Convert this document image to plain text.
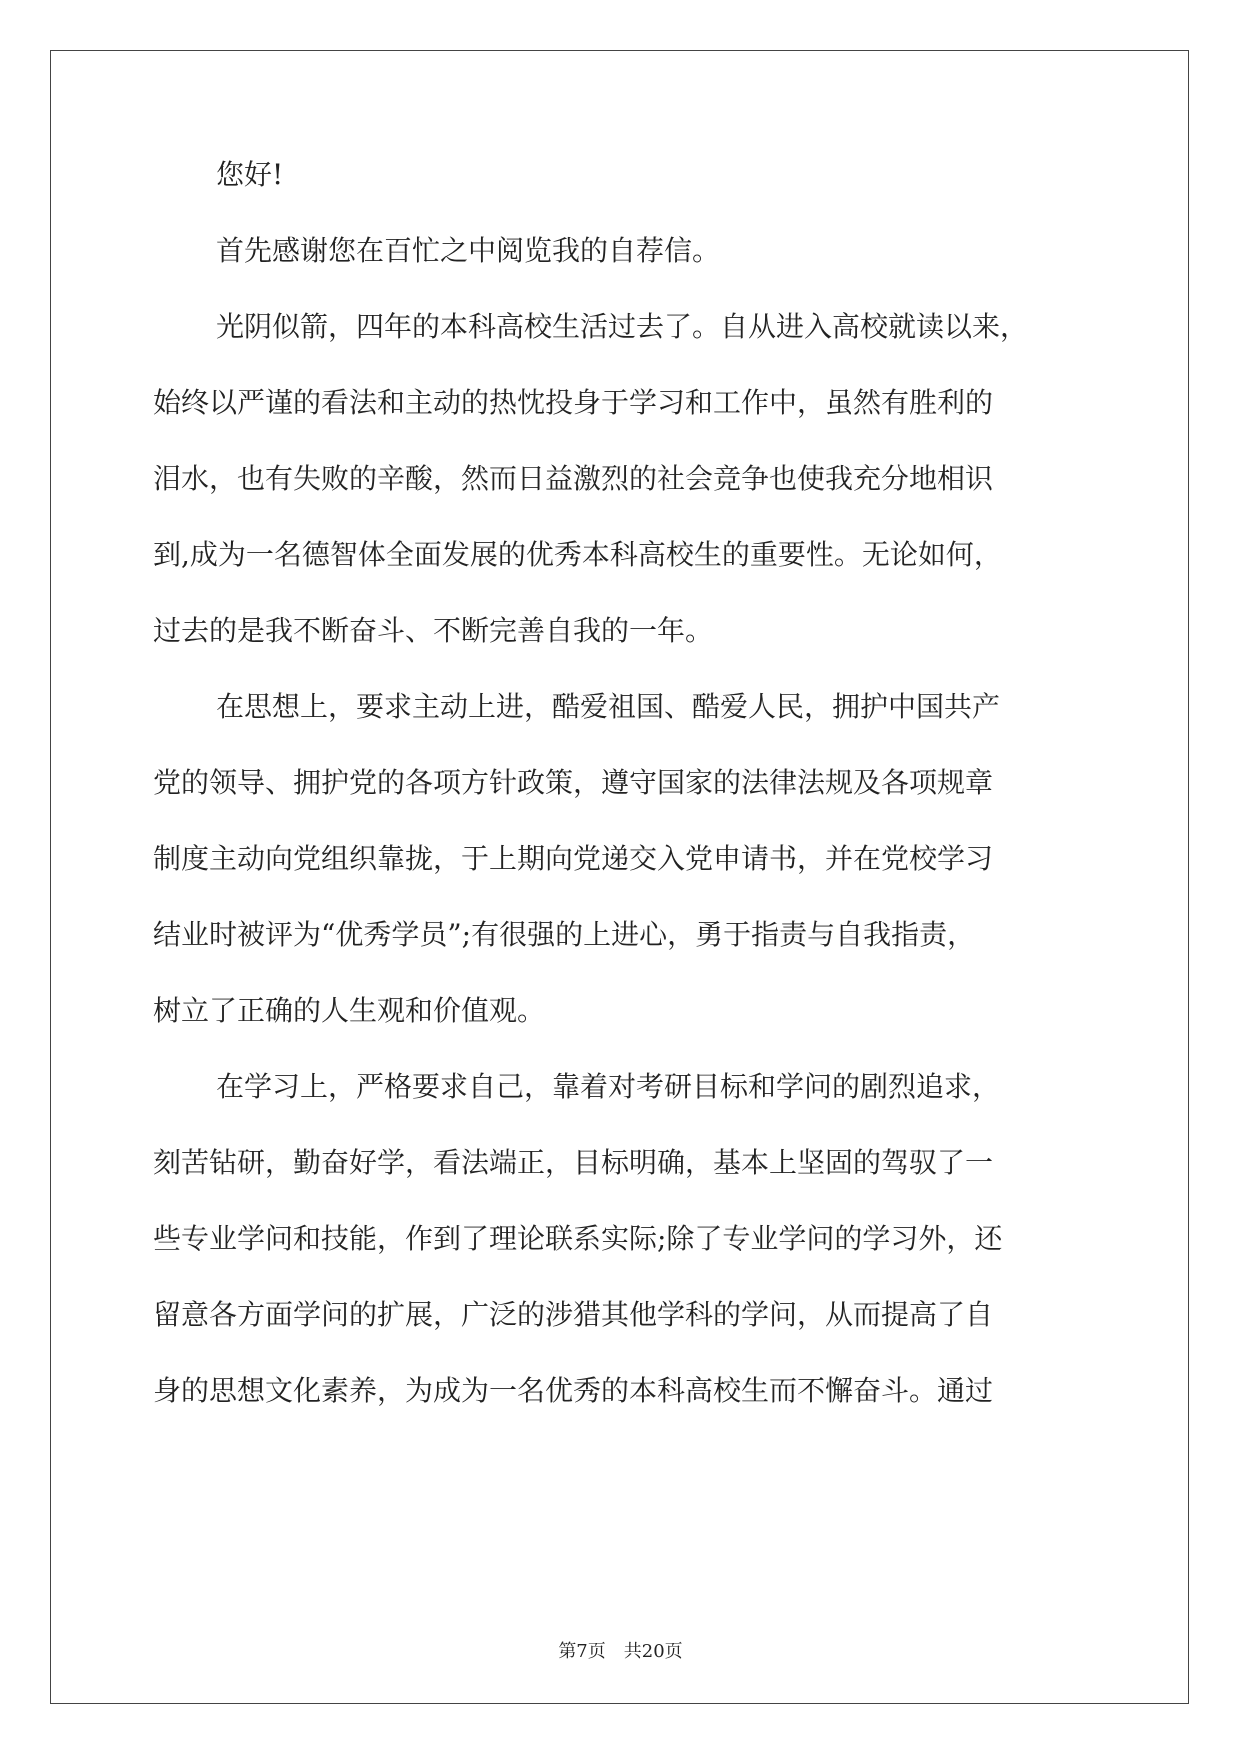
您好!
首先感谢您在百忙之中阅览我的自荐信。
光阴似箭，四年的本科高校生活过去了。自从进入高校就读以来，
始终以严谨的看法和主动的热忱投身于学习和工作中，虽然有胜利的
泪水，也有失败的辛酸，然而日益激烈的社会竞争也使我充分地相识
到,成为一名德智体全面发展的优秀本科高校生的重要性。无论如何，
过去的是我不断奋斗、不断完善自我的一年。
在思想上，要求主动上进，酷爱祖国、酷爱人民，拥护中国共产
党的领导、拥护党的各项方针政策，遵守国家的法律法规及各项规章
制度主动向党组织靠拢，于上期向党递交入党申请书，并在党校学习
结业时被评为“优秀学员”;有很强的上进心，勇于指责与自我指责，
树立了正确的人生观和价值观。
在学习上，严格要求自己，靠着对考研目标和学问的剧烈追求，
刻苦钻研，勤奋好学，看法端正，目标明确，基本上坚固的驾驭了一
些专业学问和技能，作到了理论联系实际;除了专业学问的学习外，还
留意各方面学问的扩展，广泛的涉猎其他学科的学问，从而提高了自
身的思想文化素养，为成为一名优秀的本科高校生而不懈奋斗。通过
第7页 共20页
